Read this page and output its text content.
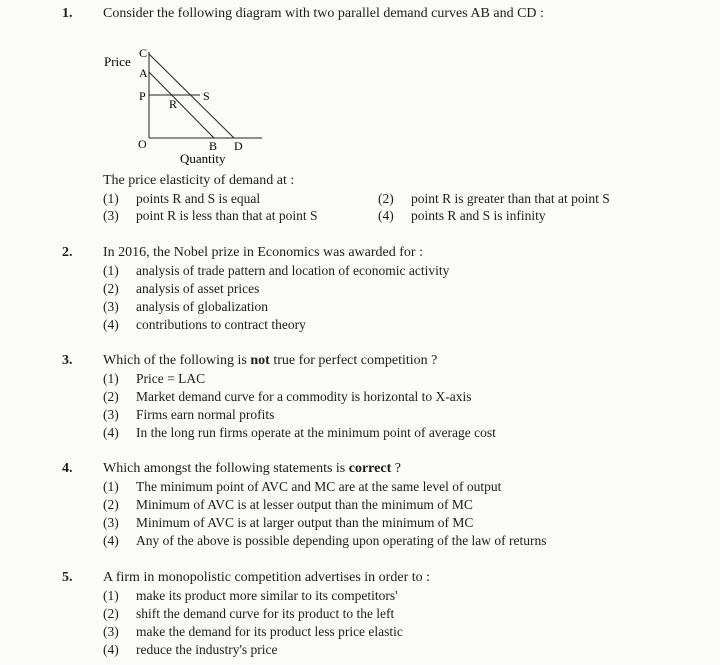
1. Consider the following diagram with two parallel demand curves AB and CD :
Price
C
A
P
R
S
O	B D
Quantity
The price elasticity of demand at :
(1) points R and S is equal	(2) point R is greater than that at point S
(3) point R is less than that at point S	(4) points R and S is infinity
2. In 2016, the Nobel prize in Economics was awarded for :
(1) analysis of trade pattern and location of economic activity
(2) analysis of asset prices
(3) analysis of globalization
(4) contributions to contract theory
3. Which of the following is not true for perfect competition ?
(1) Price = LAC
(2) Market demand curve for a commodity is horizontal to X-axis
(3) Firms earn normal profits
(4) In the long run firms operate at the minimum point of average cost
4. Which amongst the following statements is correct ?
(1) The minimum point of AVC and MC are at the same level of output
(2) Minimum of AVC is at lesser output than the minimum of MC
(3) Minimum of AVC is at larger output than the minimum of MC
(4) Any of the above is possible depending upon operating of the law of returns
5. A firm in monopolistic competition advertises in order to :
(1) make its product more similar to its competitors'
(2) shift the demand curve for its product to the left
(3) make the demand for its product less price elastic
(4) reduce the industry's price
